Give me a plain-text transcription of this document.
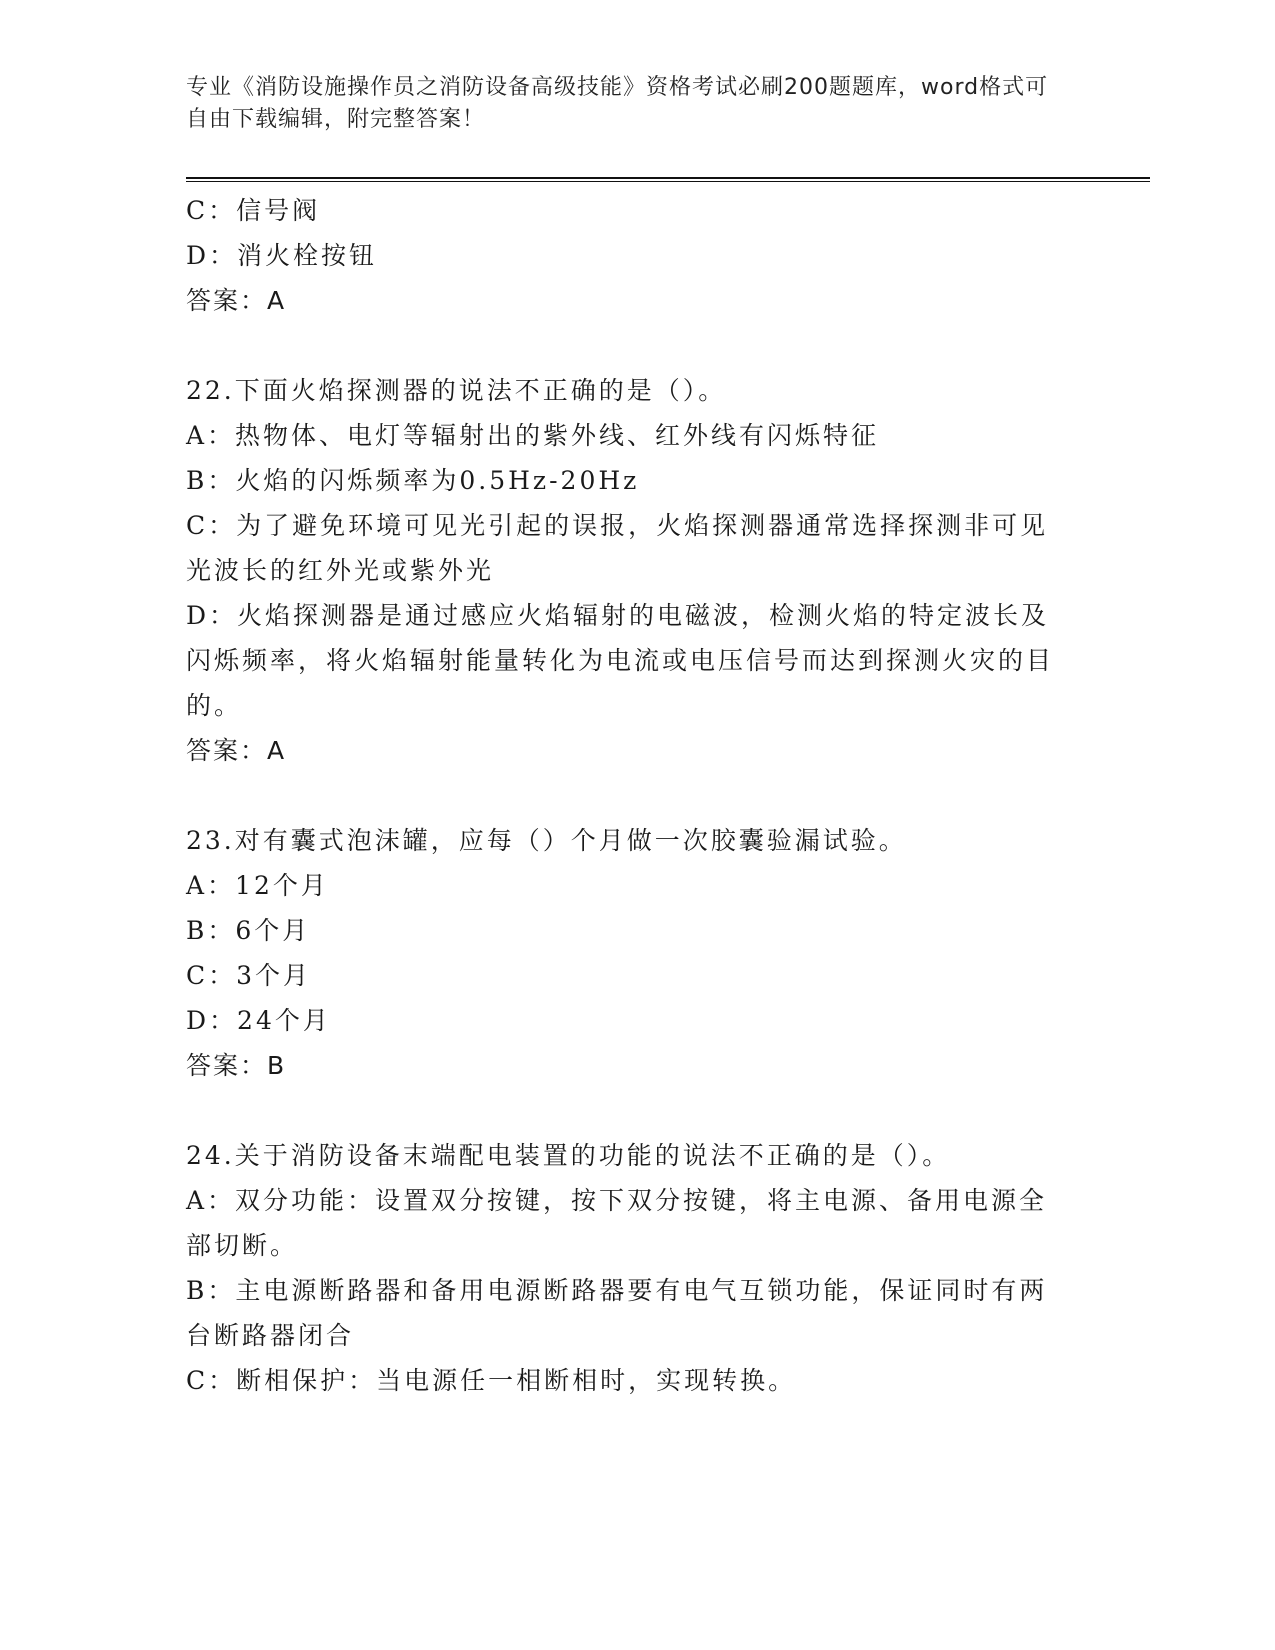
专业《消防设施操作员之消防设备高级技能》资格考试必刷200题题库，word格式可自由下载编辑，附完整答案！
C：信号阀
D：消火栓按钮
答案：A
22.下面火焰探测器的说法不正确的是（）。
A：热物体、电灯等辐射出的紫外线、红外线有闪烁特征
B：火焰的闪烁频率为0.5Hz-20Hz
C：为了避免环境可见光引起的误报，火焰探测器通常选择探测非可见光波长的红外光或紫外光
D：火焰探测器是通过感应火焰辐射的电磁波，检测火焰的特定波长及闪烁频率，将火焰辐射能量转化为电流或电压信号而达到探测火灾的目的。
答案：A
23.对有囊式泡沫罐，应每（）个月做一次胶囊验漏试验。
A：12个月
B：6个月
C：3个月
D：24个月
答案：B
24.关于消防设备末端配电装置的功能的说法不正确的是（）。
A：双分功能：设置双分按键，按下双分按键，将主电源、备用电源全部切断。
B：主电源断路器和备用电源断路器要有电气互锁功能，保证同时有两台断路器闭合
C：断相保护：当电源任一相断相时，实现转换。
